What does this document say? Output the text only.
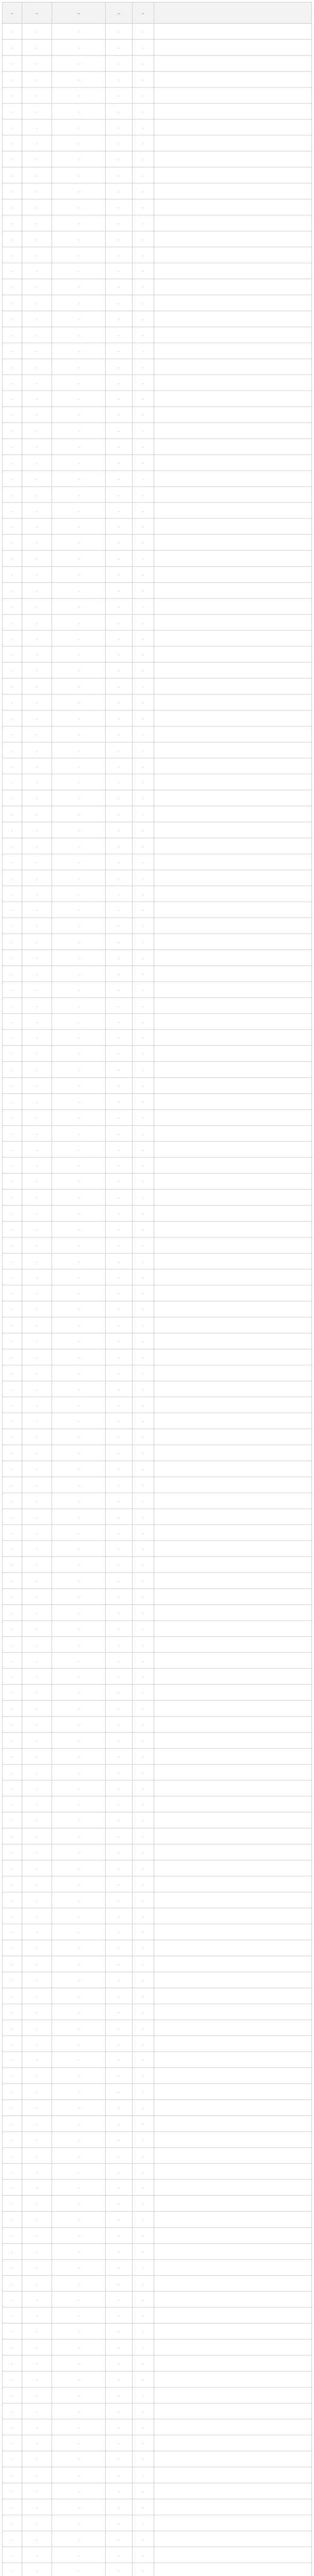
…	…	…	…	…	
…	…	…	…	…	
…	…	…	…	…	
…	…	…	…	…	
…	…	…	…	…	
…	…	…	…	…	
…	…	…	…	…	
…	…	…	…	…	
…	…	…	…	…	
…	…	…	…	…	
…	…	…	…	…	
…	…	…	…	…	
…	…	…	…	…	
…	…	…	…	…	
…	…	…	…	…	
…	…	…	…	…	
…	…	…	…	…	
…	…	…	…	…	
…	…	…	…	…	
…	…	…	…	…	
…	…	…	…	…	
…	…	…	…	…	
…	…	…	…	…	
…	…	…	…	…	
…	…	…	…	…	
…	…	…	…	…	
…	…	…	…	…	
…	…	…	…	…	
…	…	…	…	…	
…	…	…	…	…	
…	…	…	…	…	
…	…	…	…	…	
…	…	…	…	…	
…	…	…	…	…	
…	…	…	…	…	
…	…	…	…	…	
…	…	…	…	…	
…	…	…	…	…	
…	…	…	…	…	
…	…	…	…	…	
…	…	…	…	…	
…	…	…	…	…	
…	…	…	…	…	
…	…	…	…	…	
…	…	…	…	…	
…	…	…	…	…	
…	…	…	…	…	
…	…	…	…	…	
…	…	…	…	…	
…	…	…	…	…	
…	…	…	…	…	
…	…	…	…	…	
…	…	…	…	…	
…	…	…	…	…	
…	…	…	…	…	
…	…	…	…	…	
…	…	…	…	…	
…	…	…	…	…	
…	…	…	…	…	
…	…	…	…	…	
…	…	…	…	…	
…	…	…	…	…	
…	…	…	…	…	
…	…	…	…	…	
…	…	…	…	…	
…	…	…	…	…	
…	…	…	…	…	
…	…	…	…	…	
…	…	…	…	…	
…	…	…	…	…	
…	…	…	…	…	
…	…	…	…	…	
…	…	…	…	…	
…	…	…	…	…	
…	…	…	…	…	
…	…	…	…	…	
…	…	…	…	…	
…	…	…	…	…	
…	…	…	…	…	
…	…	…	…	…	
…	…	…	…	…	
…	…	…	…	…	
…	…	…	…	…	
…	…	…	…	…	
…	…	…	…	…	
…	…	…	…	…	
…	…	…	…	…	
…	…	…	…	…	
…	…	…	…	…	
…	…	…	…	…	
…	…	…	…	…	
…	…	…	…	…	
…	…	…	…	…	
…	…	…	…	…	
…	…	…	…	…	
…	…	…	…	…	
…	…	…	…	…	
…	…	…	…	…	
…	…	…	…	…	
…	…	…	…	…	
…	…	…	…	…	
…	…	…	…	…	
…	…	…	…	…	
…	…	…	…	…	
…	…	…	…	…	
…	…	…	…	…	
…	…	…	…	…	
…	…	…	…	…	
…	…	…	…	…	
…	…	…	…	…	
…	…	…	…	…	
…	…	…	…	…	
…	…	…	…	…	
…	…	…	…	…	
…	…	…	…	…	
…	…	…	…	…	
…	…	…	…	…	
…	…	…	…	…	
…	…	…	…	…	
…	…	…	…	…	
…	…	…	…	…	
…	…	…	…	…	
…	…	…	…	…	
…	…	…	…	…	
…	…	…	…	…	
…	…	…	…	…	
…	…	…	…	…	
…	…	…	…	…	
…	…	…	…	…	
…	…	…	…	…	
…	…	…	…	…	
…	…	…	…	…	
…	…	…	…	…	
…	…	…	…	…	
…	…	…	…	…	
…	…	…	…	…	
…	…	…	…	…	
…	…	…	…	…	
…	…	…	…	…	
…	…	…	…	…	
…	…	…	…	…	
…	…	…	…	…	
…	…	…	…	…	
…	…	…	…	…	
…	…	…	…	…	
…	…	…	…	…	
…	…	…	…	…	
…	…	…	…	…	
…	…	…	…	…	
…	…	…	…	…	
…	…	…	…	…	
…	…	…	…	…	
…	…	…	…	…	
…	…	…	…	…	
…	…	…	…	…	
…	…	…	…	…	
…	…	…	…	…	
…	…	…	…	…	
…	…	…	…	…	
…	…	…	…	…	
…	…	…	…	…	
